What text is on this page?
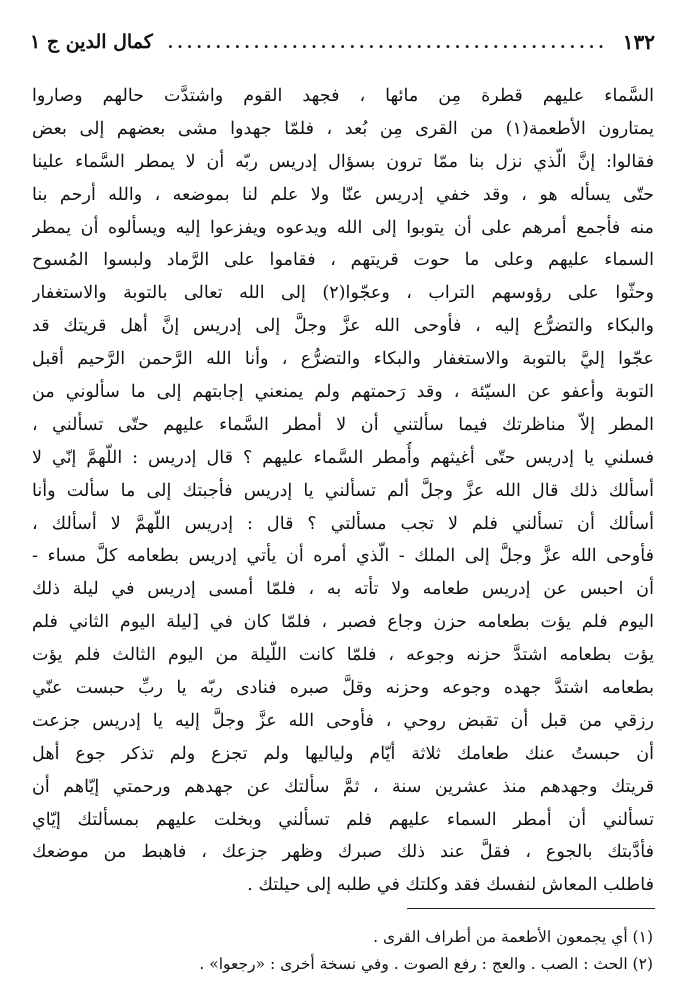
١٣٢
..............................................
كمال الدين ج ١
السَّماء عليهم قطرة مِن مائها ، فجهد القوم واشتدَّت حالهم وصاروا
يمتارون الأطعمة(١) من القرى مِن بُعد ، فلمّا جهدوا مشى بعضهم إلى بعض
فقالوا: إنَّ الّذي نزل بنا ممّا ترون بسؤال إدريس ربّه أن لا يمطر السَّماء علينا
حتّى يسأله هو ، وقد خفي إدريس عنّا ولا علم لنا بموضعه ، والله أرحم بنا
منه فأجمع أمرهم على أن يتوبوا إلى الله ويدعوه ويفزعوا إليه ويسألوه أن يمطر
السماء عليهم وعلى ما حوت قريتهم ، فقاموا على الرَّماد ولبسوا المُسوح
وحثّوا على رؤوسهم التراب ، وعجّوا(٢) إلى الله تعالى بالتوبة والاستغفار
والبكاء والتضرُّع إليه ، فأوحى الله عزَّ وجلَّ إلى إدريس إنَّ أهل قريتك قد
عجّوا إليَّ بالتوبة والاستغفار والبكاء والتضرُّع ، وأنا الله الرَّحمن الرَّحيم أقبل
التوبة وأعفو عن السيّئة ، وقد رَحمتهم ولم يمنعني إجابتهم إلى ما سألوني من
المطر إلاّ مناظرتك فيما سألتني أن لا أمطر السَّماء عليهم حتّى تسألني ،
فسلني يا إدريس حتّى أغيثهم وأُمطر السَّماء عليهم ؟ قال إدريس : اللّهمَّ إنّي لا
أسألك ذلك قال الله عزَّ وجلَّ ألم تسألني يا إدريس فأجبتك إلى ما سألت وأنا
أسألك أن تسألني فلم لا تجب مسألتي ؟ قال : إدريس اللّهمَّ لا أسألك ،
فأوحى الله عزَّ وجلَّ إلى الملك - الّذي أمره أن يأتي إدريس بطعامه كلَّ مساء -
أن احبس عن إدريس طعامه ولا تأته به ، فلمّا أمسى إدريس في ليلة ذلك
اليوم فلم يؤت بطعامه حزن وجاع فصبر ، فلمّا كان في [ليلة اليوم الثاني فلم
يؤت بطعامه اشتدَّ حزنه وجوعه ، فلمّا كانت اللّيلة من اليوم الثالث فلم يؤت
بطعامه اشتدَّ جهده وجوعه وحزنه وقلَّ صبره فنادى ربّه يا ربِّ حبست عنّي
رزقي من قبل أن تقبض روحي ، فأوحى الله عزَّ وجلَّ إليه يا إدريس جزعت
أن حبستُ عنك طعامك ثلاثة أيّام ولياليها ولم تجزع ولم تذكر جوع أهل
قريتك وجهدهم منذ عشرين سنة ، ثمَّ سألتك عن جهدهم ورحمتي إيّاهم أن
تسألني أن أمطر السماء عليهم فلم تسألني وبخلت عليهم بمسألتك إيّاي
فأدَّبتك بالجوع ، فقلَّ عند ذلك صبرك وظهر جزعك ، فاهبط من موضعك
فاطلب المعاش لنفسك فقد وكلتك في طلبه إلى حيلتك .
(١) أي يجمعون الأطعمة من أطراف القرى .
(٢) الحث : الصب . والعج : رفع الصوت . وفي نسخة أخرى : «رجعوا» .
